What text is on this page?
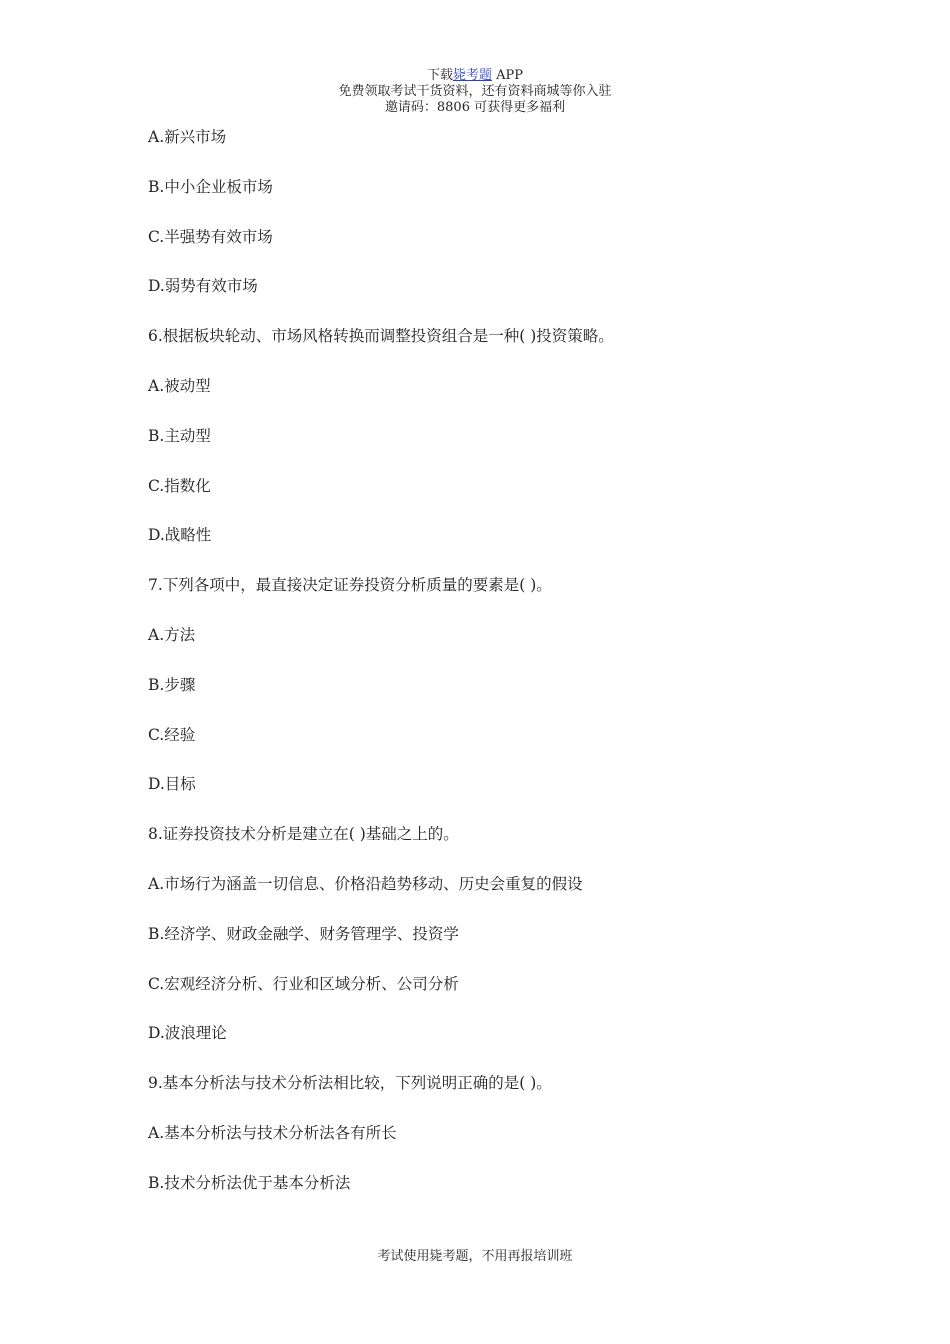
下载毙考题 APP
免费领取考试干货资料，还有资料商城等你入驻
邀请码：8806 可获得更多福利
A.新兴市场
B.中小企业板市场
C.半强势有效市场
D.弱势有效市场
6.根据板块轮动、市场风格转换而调整投资组合是一种( )投资策略。
A.被动型
B.主动型
C.指数化
D.战略性
7.下列各项中，最直接决定证券投资分析质量的要素是( )。
A.方法
B.步骤
C.经验
D.目标
8.证券投资技术分析是建立在( )基础之上的。
A.市场行为涵盖一切信息、价格沿趋势移动、历史会重复的假设
B.经济学、财政金融学、财务管理学、投资学
C.宏观经济分析、行业和区域分析、公司分析
D.波浪理论
9.基本分析法与技术分析法相比较，下列说明正确的是( )。
A.基本分析法与技术分析法各有所长
B.技术分析法优于基本分析法
考试使用毙考题，不用再报培训班
